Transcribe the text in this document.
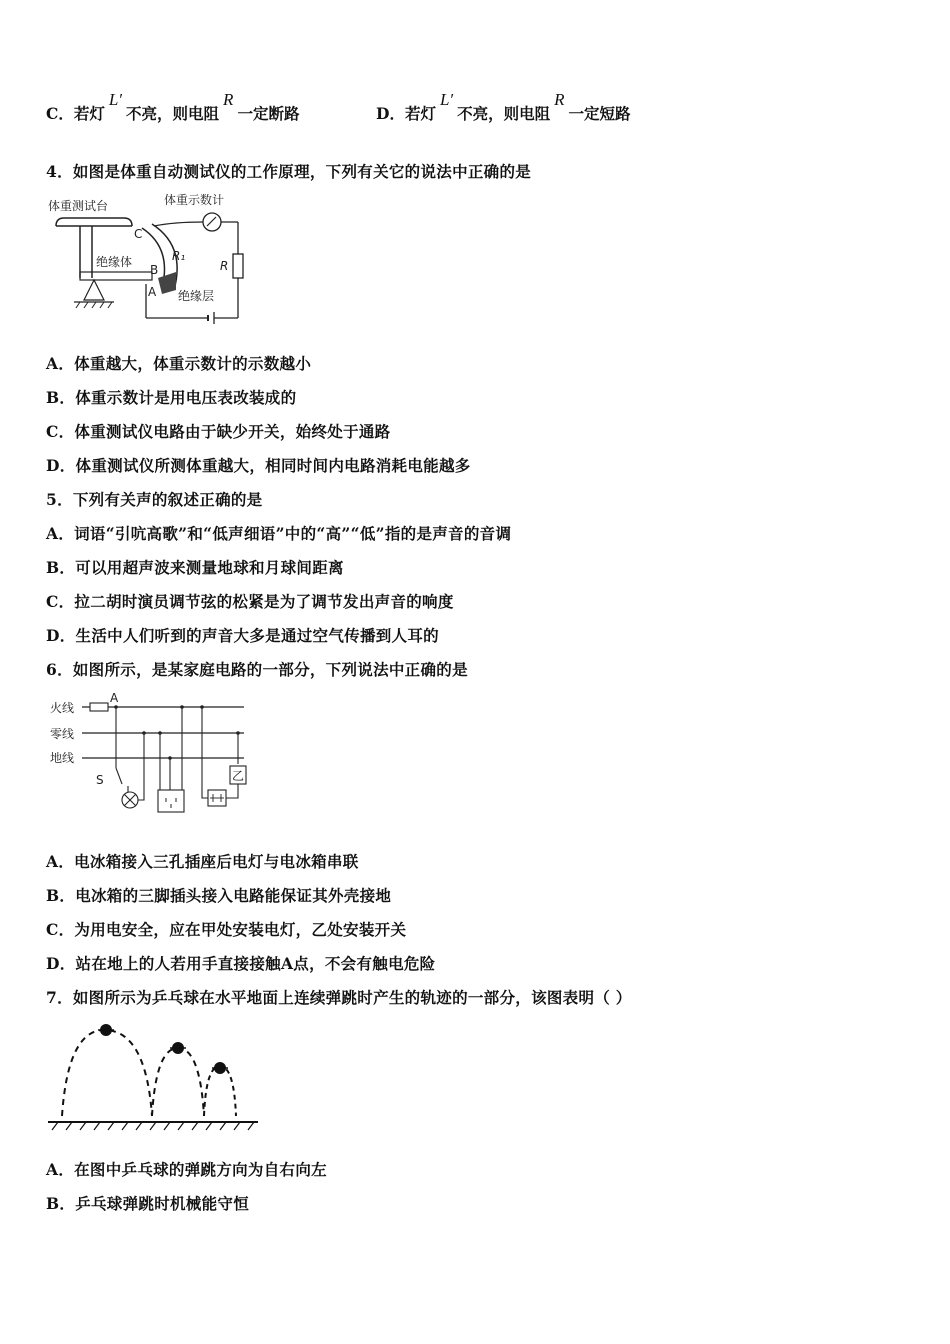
C．若灯L′不亮，则电阻R一定断路	D．若灯L′不亮，则电阻R一定短路
4．如图是体重自动测试仪的工作原理，下列有关它的说法中正确的是
体重测试台	体重示数计
绝缘体
C
B
A
R₁
绝缘层
R
A．体重越大，体重示数计的示数越小
B．体重示数计是用电压表改装成的
C．体重测试仪电路由于缺少开关，始终处于通路
D．体重测试仪所测体重越大，相同时间内电路消耗电能越多
5．下列有关声的叙述正确的是
A．词语“引吭高歌”和“低声细语”中的“高”“低”指的是声音的音调
B．可以用超声波来测量地球和月球间距离
C．拉二胡时演员调节弦的松紧是为了调节发出声音的响度
D．生活中人们听到的声音大多是通过空气传播到人耳的
6．如图所示，是某家庭电路的一部分，下列说法中正确的是
火线
零线
地线
A
S	乙
A．电冰箱接入三孔插座后电灯与电冰箱串联
B．电冰箱的三脚插头接入电路能保证其外壳接地
C．为用电安全，应在甲处安装电灯，乙处安装开关
D．站在地上的人若用手直接接触A点，不会有触电危险
7．如图所示为乒乓球在水平地面上连续弹跳时产生的轨迹的一部分，该图表明（ ）
A．在图中乒乓球的弹跳方向为自右向左
B．乒乓球弹跳时机械能守恒
